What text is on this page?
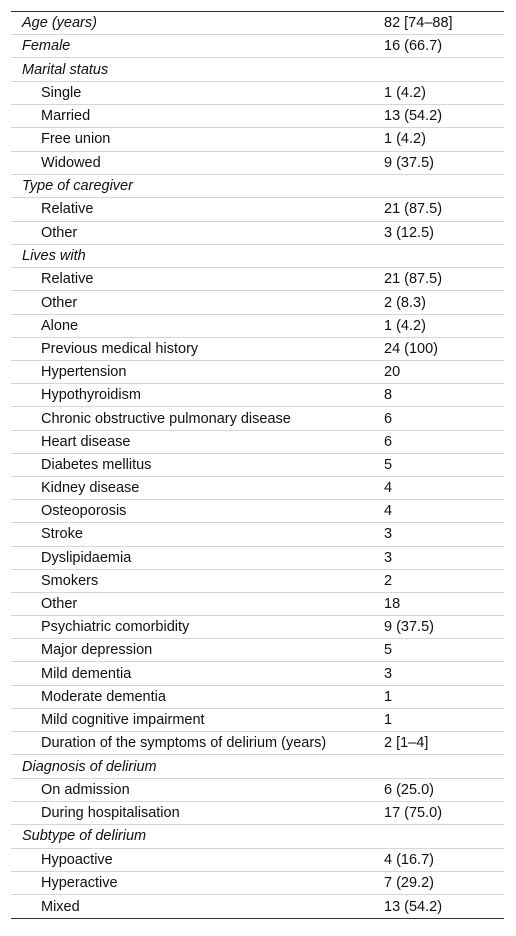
Age (years)	82 [74–88]
Female	16 (66.7)
Marital status
Single	1 (4.2)
Married	13 (54.2)
Free union	1 (4.2)
Widowed	9 (37.5)
Type of caregiver
Relative	21 (87.5)
Other	3 (12.5)
Lives with
Relative	21 (87.5)
Other	2 (8.3)
Alone	1 (4.2)
Previous medical history	24 (100)
Hypertension	20
Hypothyroidism	8
Chronic obstructive pulmonary disease	6
Heart disease	6
Diabetes mellitus	5
Kidney disease	4
Osteoporosis	4
Stroke	3
Dyslipidaemia	3
Smokers	2
Other	18
Psychiatric comorbidity	9 (37.5)
Major depression	5
Mild dementia	3
Moderate dementia	1
Mild cognitive impairment	1
Duration of the symptoms of delirium (years)	2 [1–4]
Diagnosis of delirium
On admission	6 (25.0)
During hospitalisation	17 (75.0)
Subtype of delirium
Hypoactive	4 (16.7)
Hyperactive	7 (29.2)
Mixed	13 (54.2)
